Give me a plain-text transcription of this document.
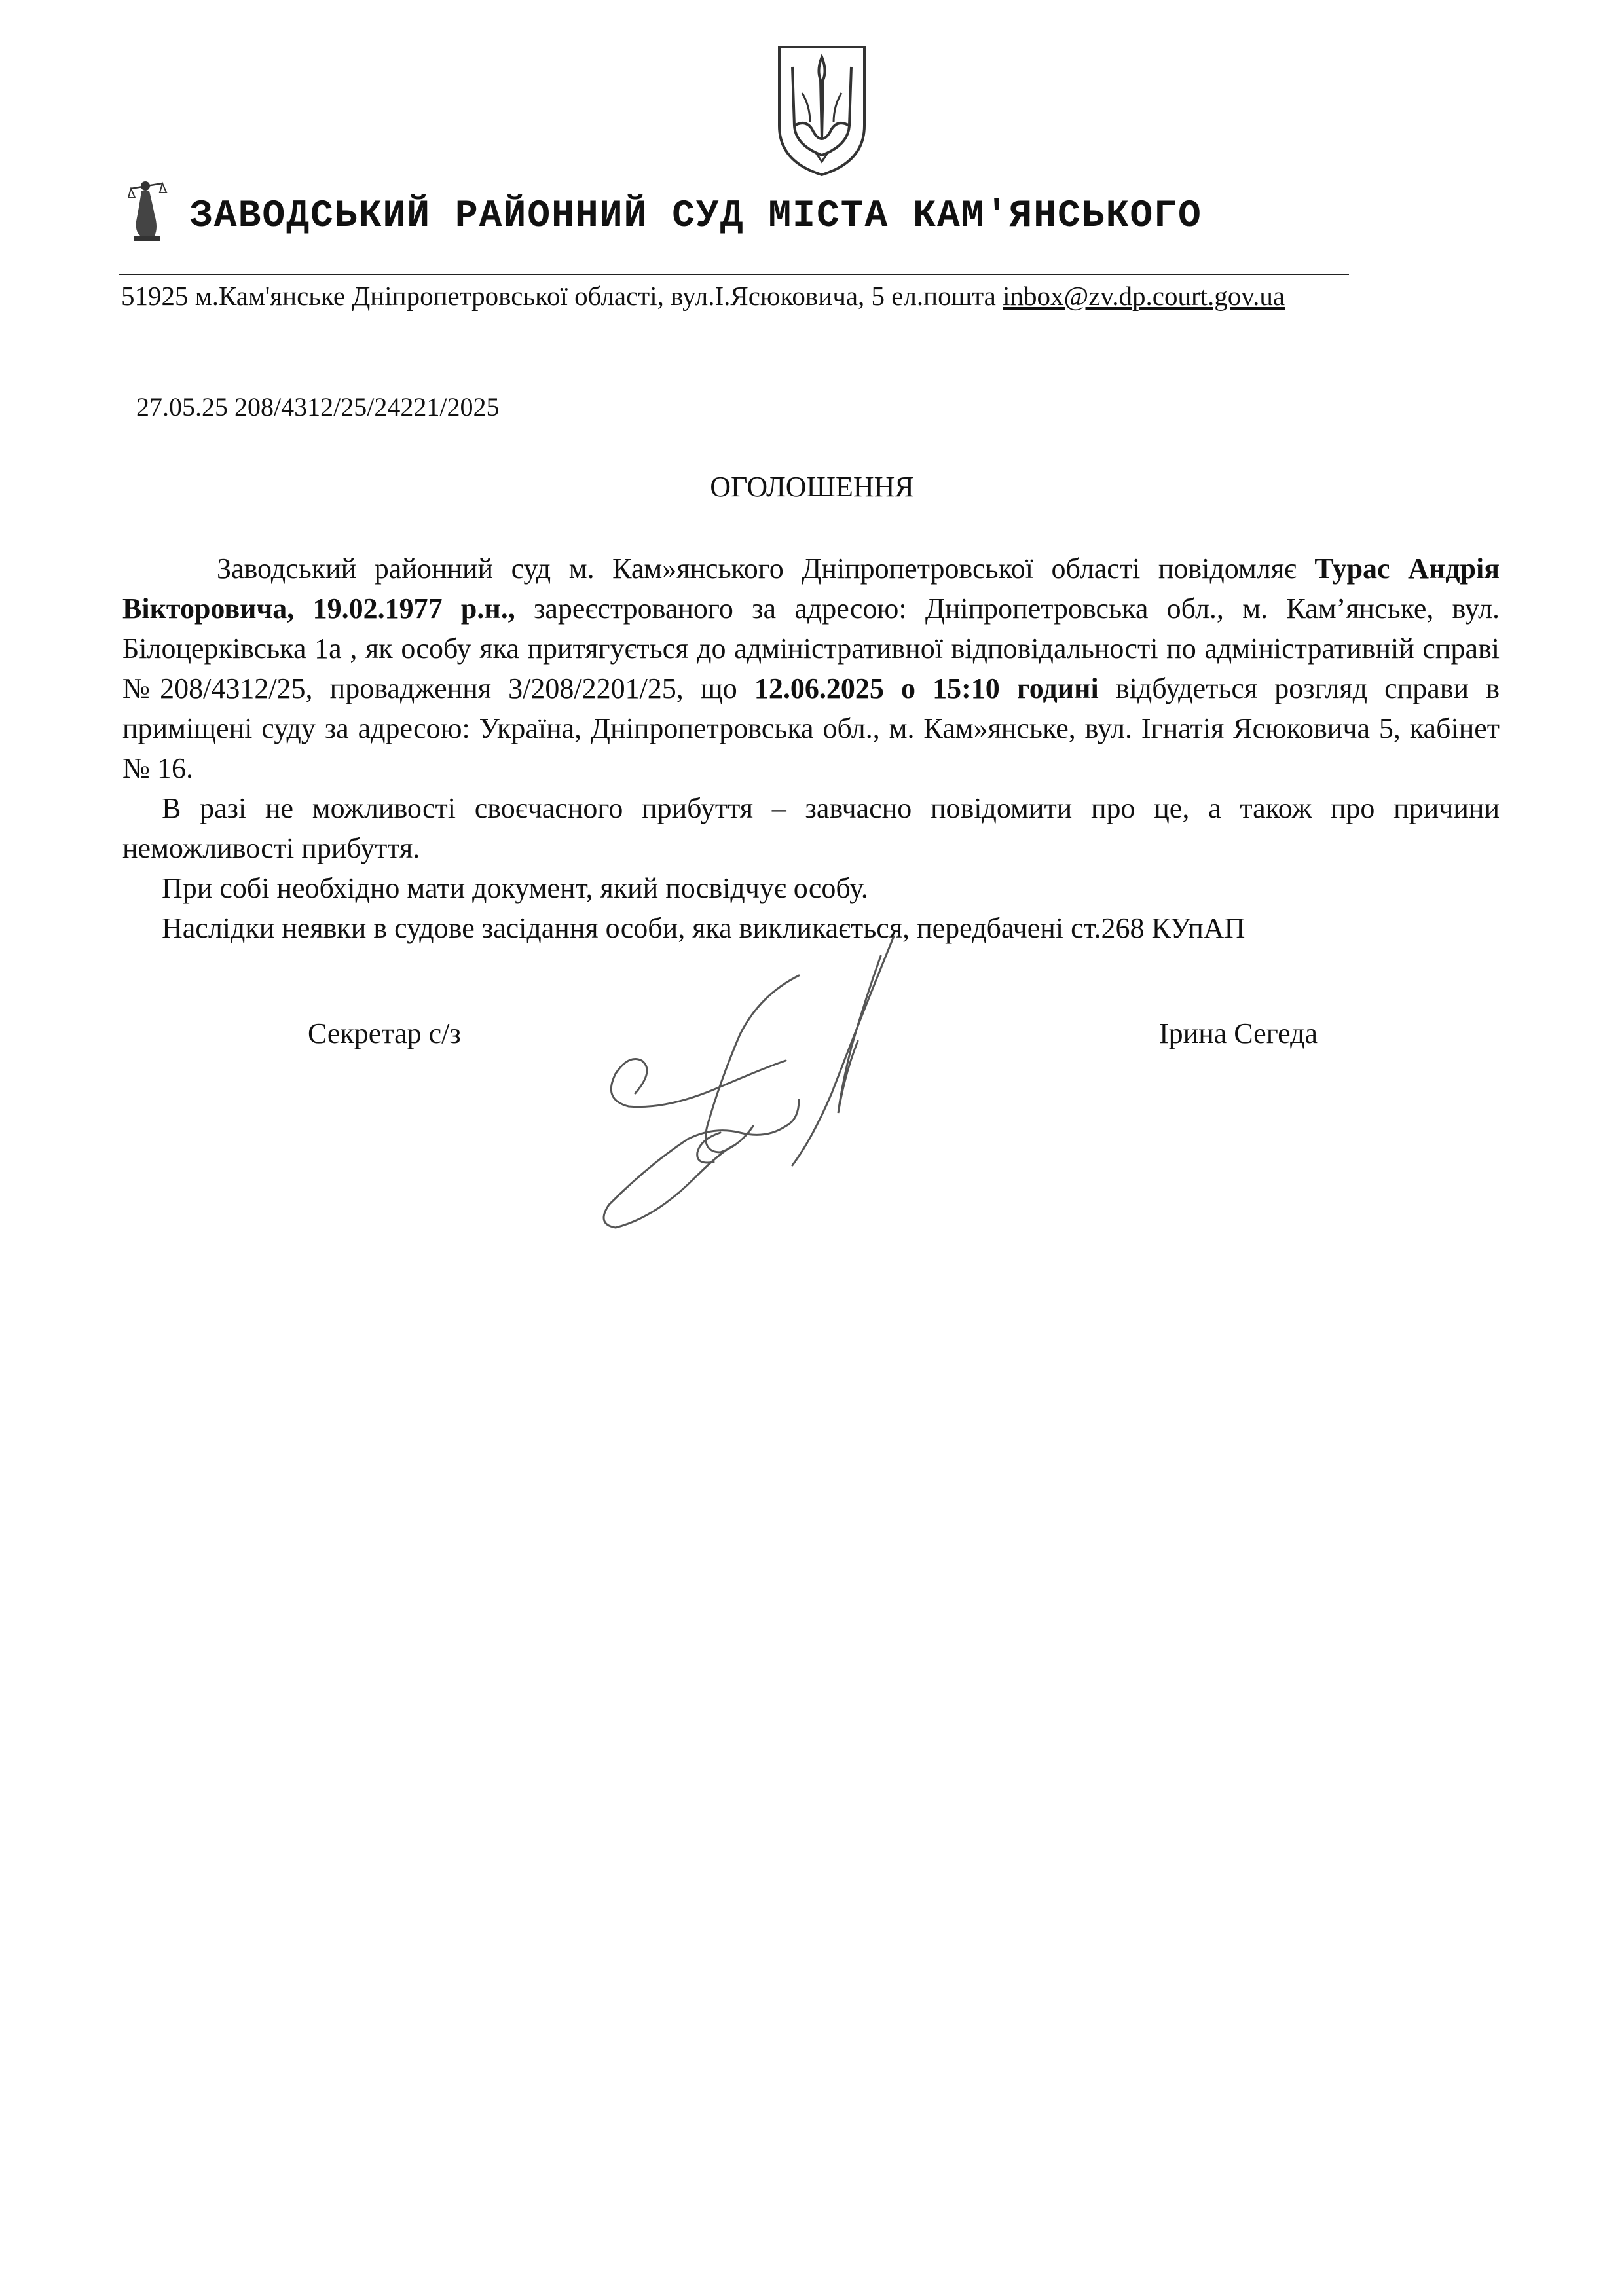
ЗАВОДСЬКИЙ РАЙОННИЙ СУД МІСТА КАМ'ЯНСЬКОГО
51925 м.Кам'янське Дніпропетровської області, вул.І.Ясюковича, 5 ел.пошта inbox@zv.dp.court.gov.ua
27.05.25 208/4312/25/24221/2025
ОГОЛОШЕННЯ

Заводський районний суд м. Кам»янського Дніпропетровської області повідомляє Турас Андрія Вікторовича, 19.02.1977 р.н., зареєстрованого за адресою: Дніпропетровська обл., м. Кам’янське, вул. Білоцерківська 1а , як особу яка притягується до адміністративної відповідальності по адміністративній справі №208/4312/25, провадження 3/208/2201/25, що 12.06.2025 о 15:10 годині відбудеться розгляд справи в приміщені суду за адресою: Україна, Дніпропетровська обл., м. Кам»янське, вул. Ігнатія Ясюковича 5, кабінет № 16.

В разі не можливості своєчасного прибуття – завчасно повідомити про це, а також про причини неможливості прибуття.

При собі необхідно мати документ, який посвідчує особу.

Наслідки неявки в судове засідання особи, яка викликається, передбачені ст.268 КУпАП

Секретар с/з	Ірина Сегеда
